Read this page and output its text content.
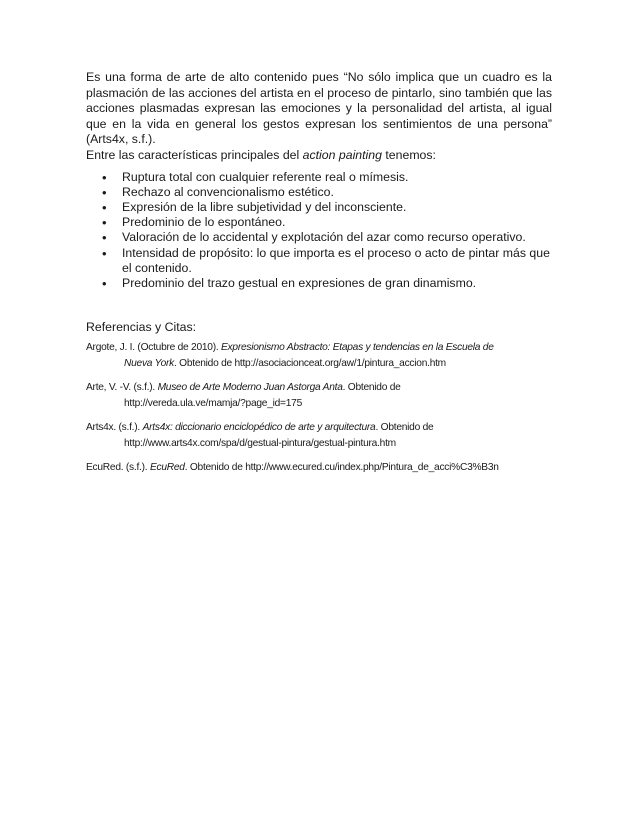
Es una forma de arte de alto contenido pues “No sólo implica que un cuadro es la plasmación de las acciones del artista en el proceso de pintarlo, sino también que las acciones plasmadas expresan las emociones y la personalidad del artista, al igual que en la vida en general los gestos expresan los sentimientos de una persona” (Arts4x, s.f.).

Entre las características principales del action painting tenemos:

• Ruptura total con cualquier referente real o mímesis.
• Rechazo al convencionalismo estético.
• Expresión de la libre subjetividad y del inconsciente.
• Predominio de lo espontáneo.
• Valoración de lo accidental y explotación del azar como recurso operativo.
• Intensidad de propósito: lo que importa es el proceso o acto de pintar más que el contenido.
• Predominio del trazo gestual en expresiones de gran dinamismo.

Referencias y Citas:

Argote, J. I. (Octubre de 2010). Expresionismo Abstracto: Etapas y tendencias en la Escuela de
Nueva York. Obtenido de http://asociacionceat.org/aw/1/pintura_accion.htm

Arte, V. -V. (s.f.). Museo de Arte Moderno Juan Astorga Anta. Obtenido de
http://vereda.ula.ve/mamja/?page_id=175

Arts4x. (s.f.). Arts4x: diccionario enciclopédico de arte y arquitectura. Obtenido de
http://www.arts4x.com/spa/d/gestual-pintura/gestual-pintura.htm

EcuRed. (s.f.). EcuRed. Obtenido de http://www.ecured.cu/index.php/Pintura_de_acci%C3%B3n
